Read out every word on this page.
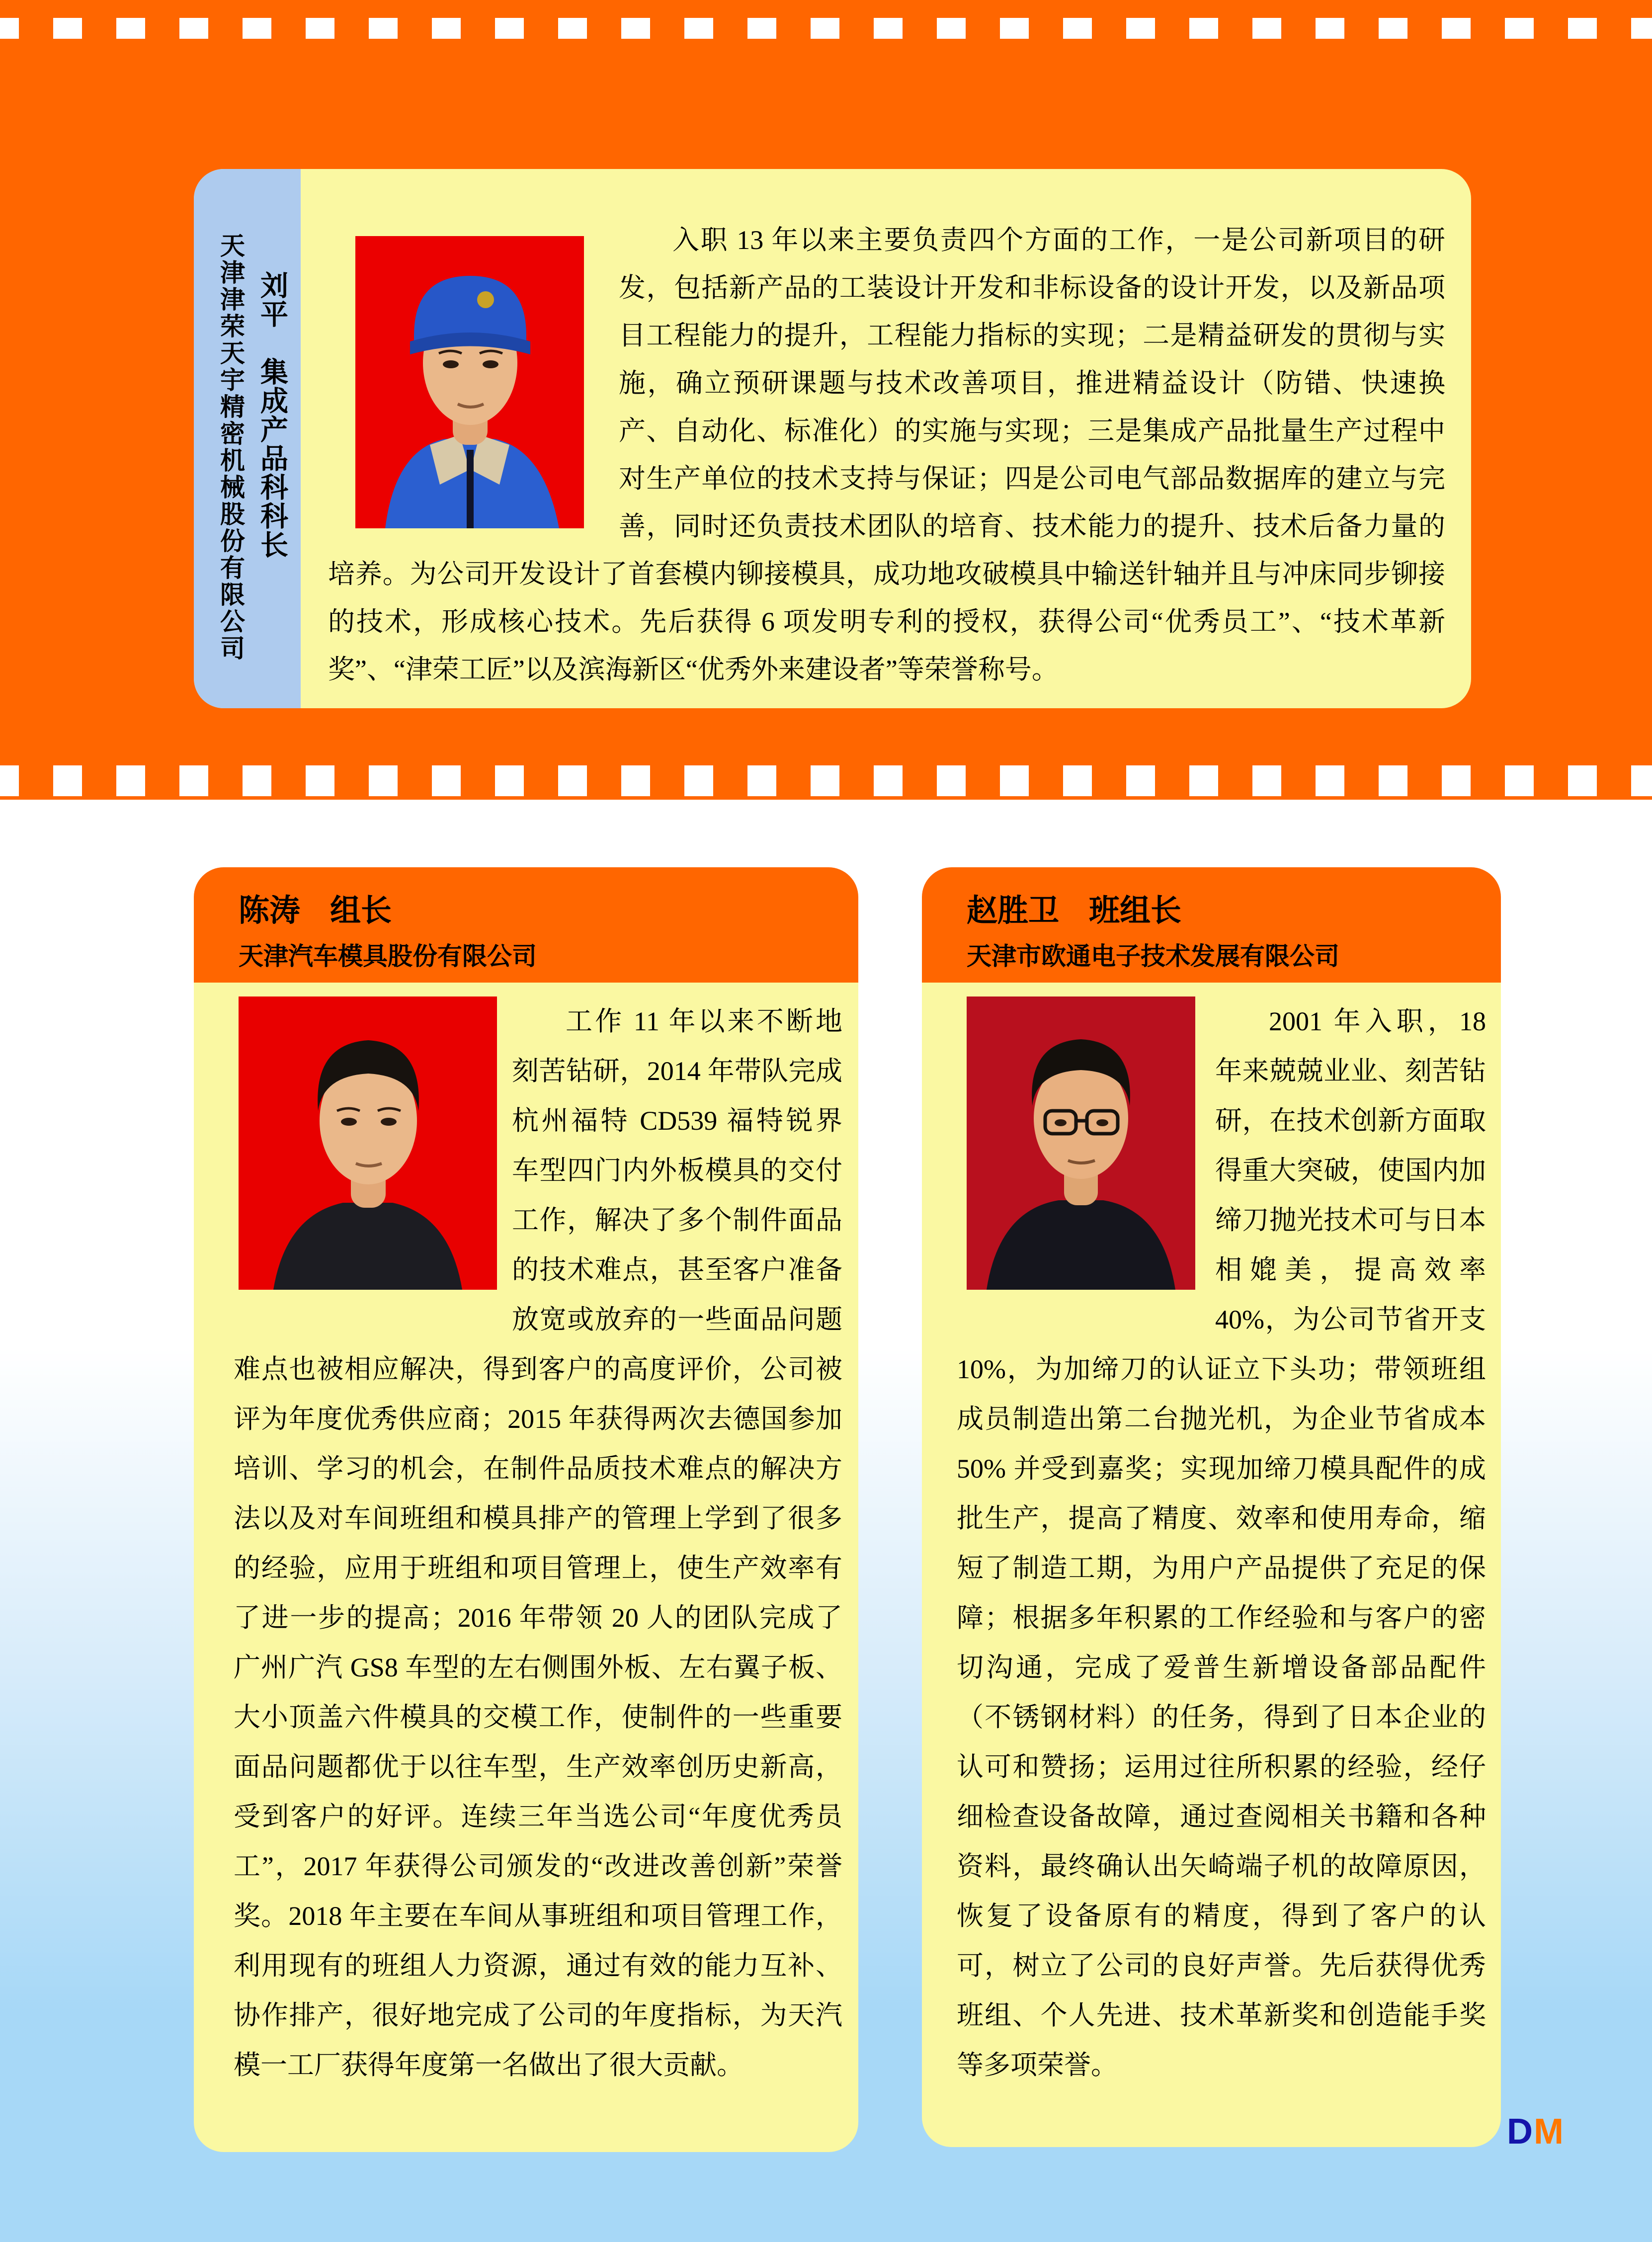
天津津荣天宇精密机械股份有限公司 刘平　集成产品科科长
入职 13 年以来主要负责四个方面的工作，一是公司新项目的研发，包括新产品的工装设计开发和非标设备的设计开发，以及新品项目工程能力的提升，工程能力指标的实现；二是精益研发的贯彻与实施，确立预研课题与技术改善项目，推进精益设计（防错、快速换产、自动化、标准化）的实施与实现；三是集成产品批量生产过程中对生产单位的技术支持与保证；四是公司电气部品数据库的建立与完善，同时还负责技术团队的培育、技术能力的提升、技术后备力量的培养。为公司开发设计了首套模内铆接模具，成功地攻破模具中输送针轴并且与冲床同步铆接的技术，形成核心技术。先后获得 6 项发明专利的授权，获得公司“优秀员工”、“技术革新奖”、“津荣工匠”以及滨海新区“优秀外来建设者”等荣誉称号。
陈涛 组长
天津汽车模具股份有限公司
工作 11 年以来不断地刻苦钻研，2014 年带队完成杭州福特 CD539 福特锐界车型四门内外板模具的交付工作，解决了多个制件面品的技术难点，甚至客户准备放宽或放弃的一些面品问题难点也被相应解决，得到客户的高度评价，公司被评为年度优秀供应商；2015 年获得两次去德国参加培训、学习的机会，在制件品质技术难点的解决方法以及对车间班组和模具排产的管理上学到了很多的经验，应用于班组和项目管理上，使生产效率有了进一步的提高；2016 年带领 20 人的团队完成了广州广汽 GS8 车型的左右侧围外板、左右翼子板、大小顶盖六件模具的交模工作，使制件的一些重要面品问题都优于以往车型，生产效率创历史新高，受到客户的好评。连续三年当选公司“年度优秀员工”，2017 年获得公司颁发的“改进改善创新”荣誉奖。2018 年主要在车间从事班组和项目管理工作，利用现有的班组人力资源，通过有效的能力互补、协作排产，很好地完成了公司的年度指标，为天汽模一工厂获得年度第一名做出了很大贡献。
赵胜卫 班组长
天津市欧通电子技术发展有限公司
2001 年入职，18 年来兢兢业业、刻苦钻研，在技术创新方面取得重大突破，使国内加缔刀抛光技术可与日本相媲美，提高效率 40%，为公司节省开支 10%，为加缔刀的认证立下头功；带领班组成员制造出第二台抛光机，为企业节省成本 50% 并受到嘉奖；实现加缔刀模具配件的成批生产，提高了精度、效率和使用寿命，缩短了制造工期，为用户产品提供了充足的保障；根据多年积累的工作经验和与客户的密切沟通，完成了爱普生新增设备部品配件（不锈钢材料）的任务，得到了日本企业的认可和赞扬；运用过往所积累的经验，经仔细检查设备故障，通过查阅相关书籍和各种资料，最终确认出矢崎端子机的故障原因，恢复了设备原有的精度，得到了客户的认可，树立了公司的良好声誉。先后获得优秀班组、个人先进、技术革新奖和创造能手奖等多项荣誉。
DM
